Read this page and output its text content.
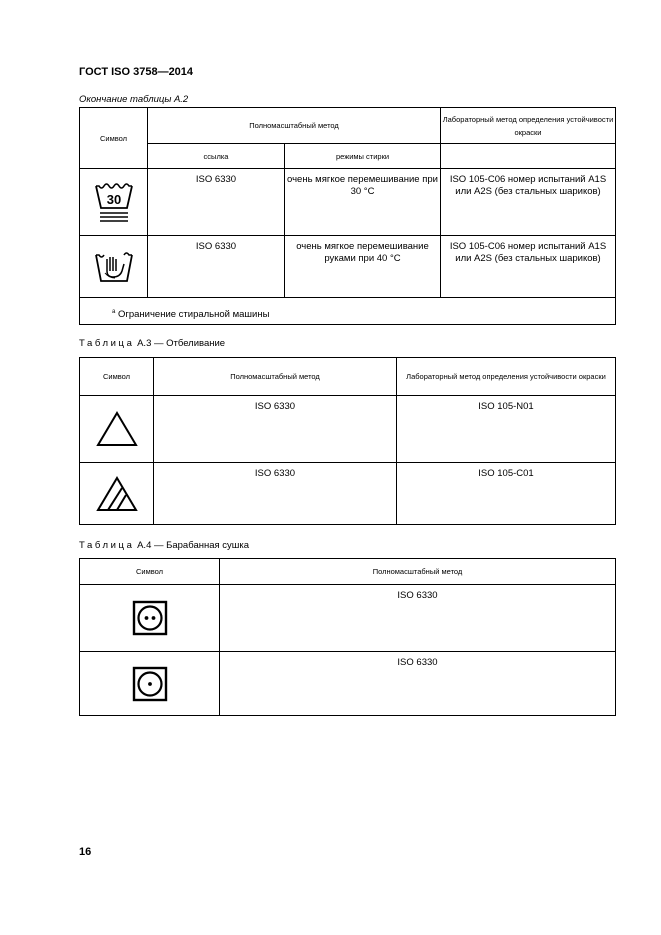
ГОСТ ISO 3758—2014
Окончание таблицы А.2
Символ	Полномасштабный метод		Лабораторный метод определения устойчивости окраски
	ссылка	режимы стирки	

30	ISO 6330	очень мягкое перемешивание при 30 °С	ISO 105-C06 номер испытаний A1S или A2S (без стальных шариков)

	ISO 6330	очень мягкое перемешивание руками при 40 °С	ISO 105-C06 номер испытаний A1S или A2S (без стальных шариков)
$^a$ Ограничение стиральной машины			
Таблица А.3 — Отбеливание
Символ	Полномасштабный метод	Лабораторный метод определения устойчивости окраски

	ISO 6330	ISO 105-N01

	ISO 6330	ISO 105-C01
Таблица А.4 — Барабанная сушка
Символ	Полномасштабный метод

	ISO 6330

	ISO 6330
16
